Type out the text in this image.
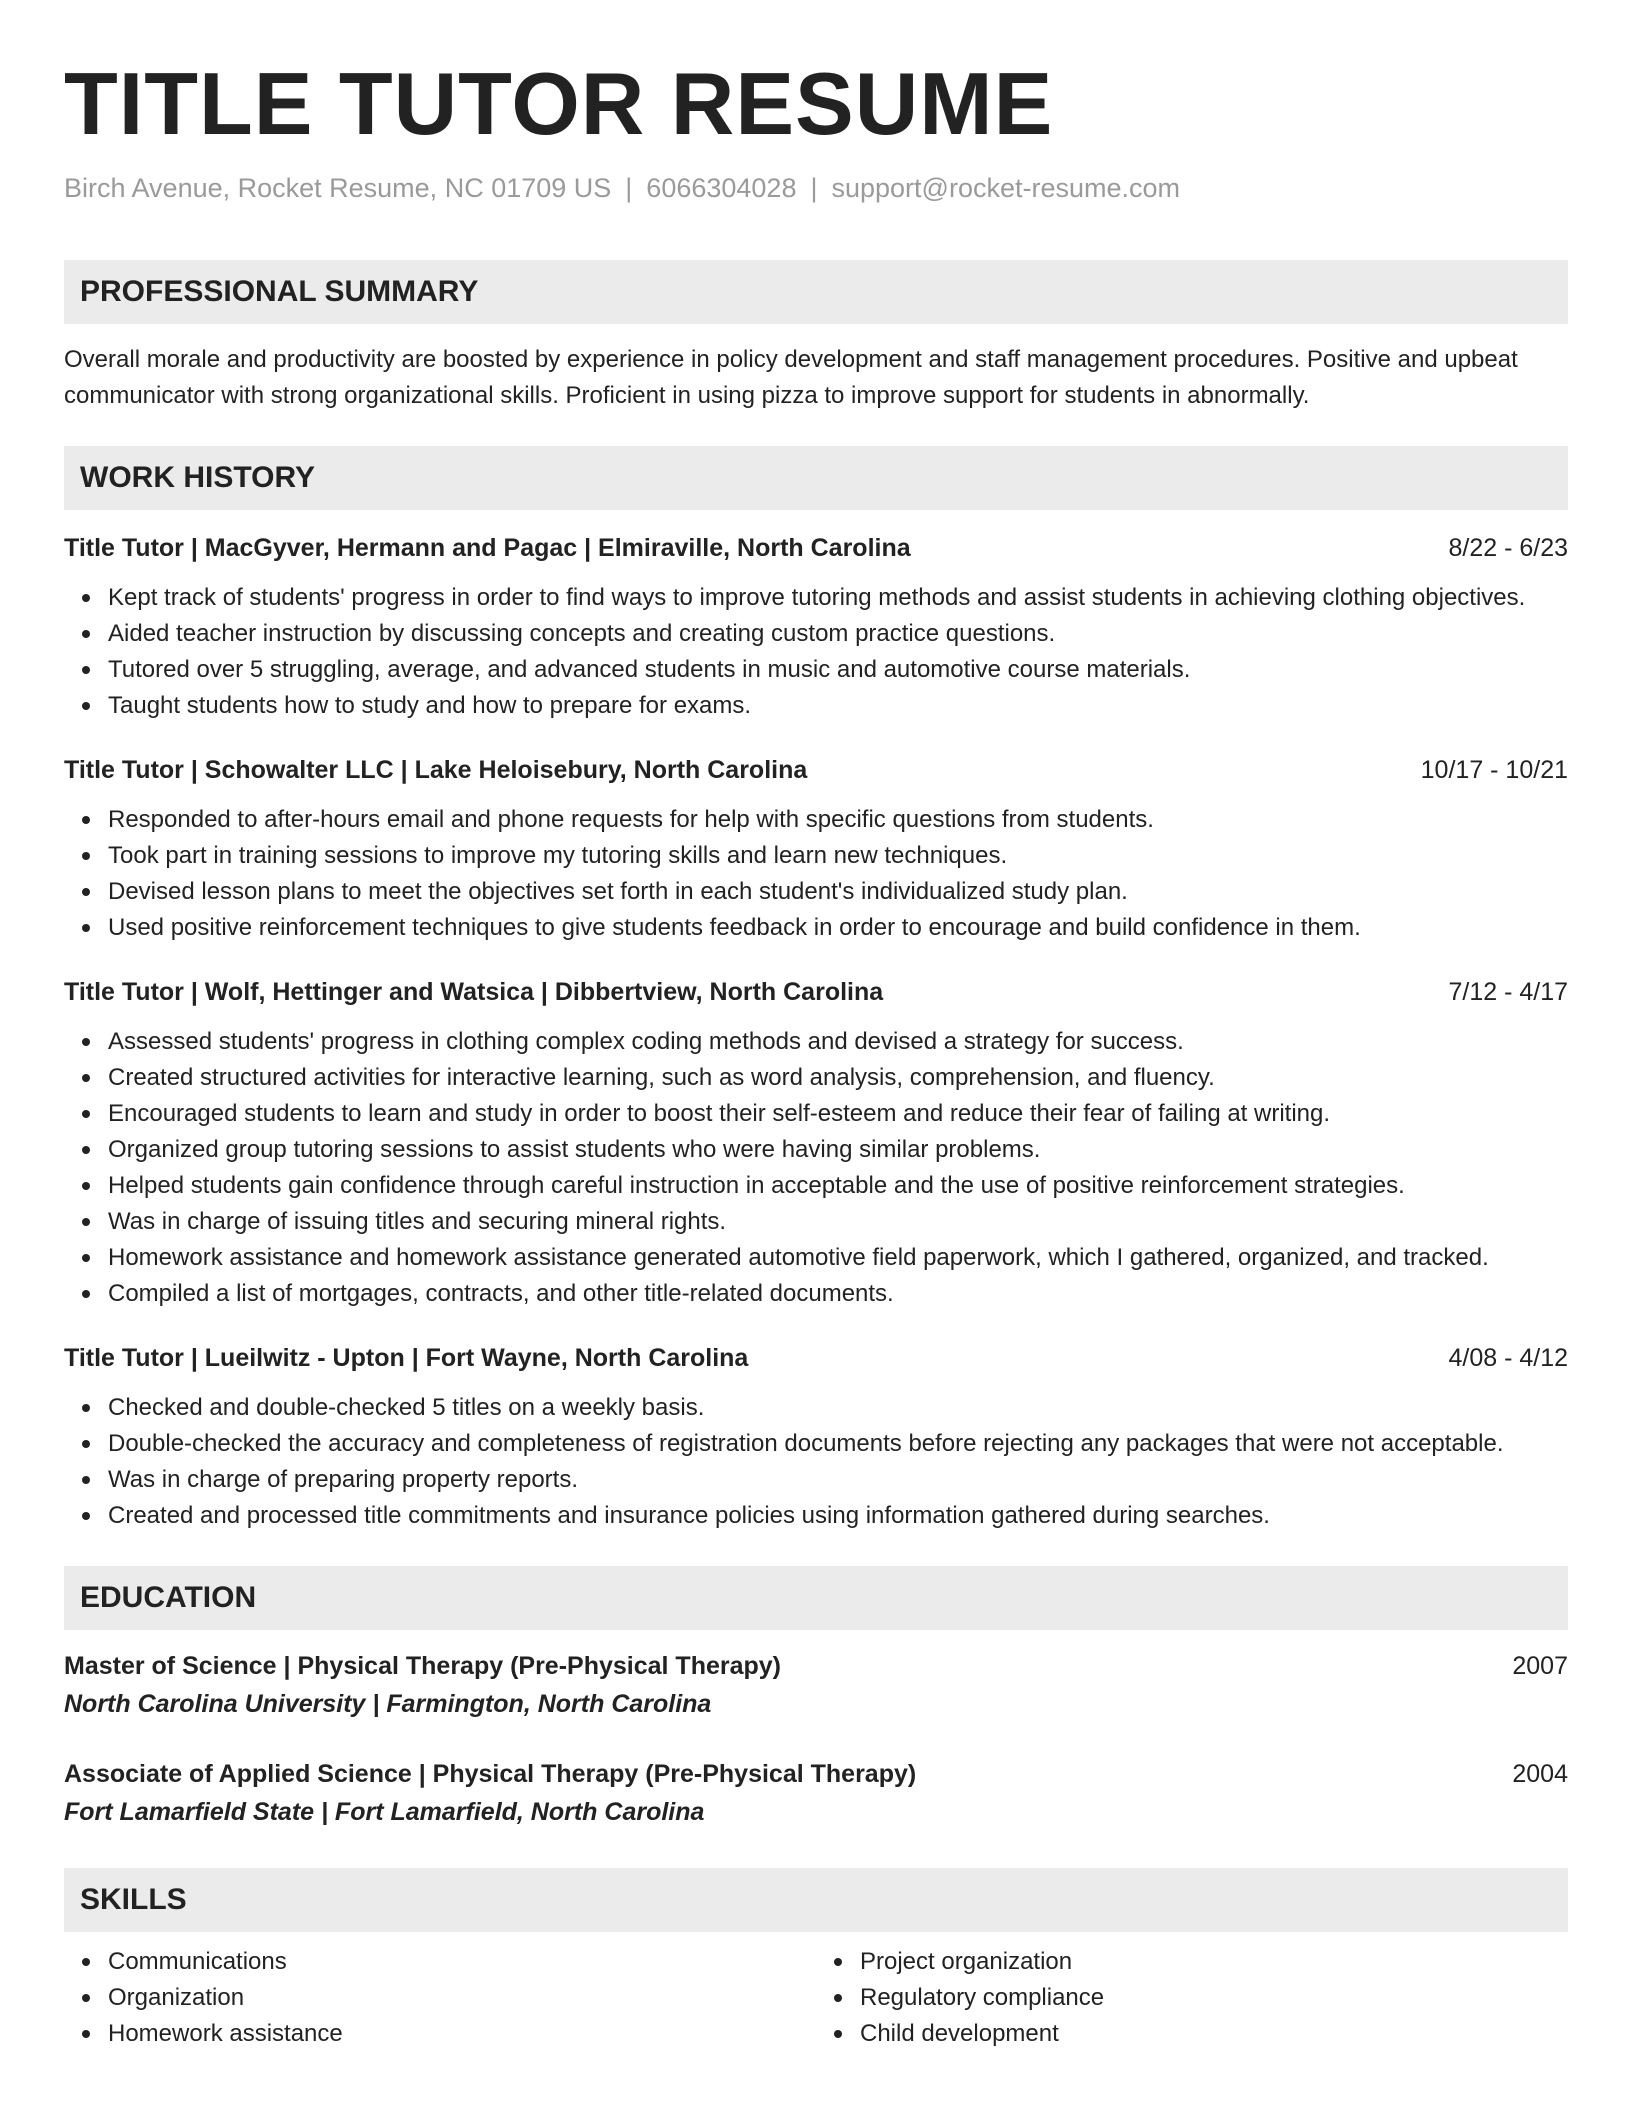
TITLE TUTOR RESUME
Birch Avenue, Rocket Resume, NC 01709 US | 6066304028 | support@rocket-resume.com
PROFESSIONAL SUMMARY

Overall morale and productivity are boosted by experience in policy development and staff management procedures. Positive and upbeat communicator with strong organizational skills. Proficient in using pizza to improve support for students in abnormally.

WORK HISTORY
Title Tutor | MacGyver, Hermann and Pagac | Elmiraville, North Carolina	8/22 - 6/23
Kept track of students' progress in order to find ways to improve tutoring methods and assist students in achieving clothing objectives.
Aided teacher instruction by discussing concepts and creating custom practice questions.
Tutored over 5 struggling, average, and advanced students in music and automotive course materials.
Taught students how to study and how to prepare for exams.
Title Tutor | Schowalter LLC | Lake Heloisebury, North Carolina	10/17 - 10/21
Responded to after-hours email and phone requests for help with specific questions from students.
Took part in training sessions to improve my tutoring skills and learn new techniques.
Devised lesson plans to meet the objectives set forth in each student's individualized study plan.
Used positive reinforcement techniques to give students feedback in order to encourage and build confidence in them.
Title Tutor | Wolf, Hettinger and Watsica | Dibbertview, North Carolina	7/12 - 4/17
Assessed students' progress in clothing complex coding methods and devised a strategy for success.
Created structured activities for interactive learning, such as word analysis, comprehension, and fluency.
Encouraged students to learn and study in order to boost their self-esteem and reduce their fear of failing at writing.
Organized group tutoring sessions to assist students who were having similar problems.
Helped students gain confidence through careful instruction in acceptable and the use of positive reinforcement strategies.
Was in charge of issuing titles and securing mineral rights.
Homework assistance and homework assistance generated automotive field paperwork, which I gathered, organized, and tracked.
Compiled a list of mortgages, contracts, and other title-related documents.
Title Tutor | Lueilwitz - Upton | Fort Wayne, North Carolina	4/08 - 4/12
Checked and double-checked 5 titles on a weekly basis.
Double-checked the accuracy and completeness of registration documents before rejecting any packages that were not acceptable.
Was in charge of preparing property reports.
Created and processed title commitments and insurance policies using information gathered during searches.
EDUCATION
Master of Science | Physical Therapy (Pre-Physical Therapy)	2007
North Carolina University | Farmington, North Carolina
Associate of Applied Science | Physical Therapy (Pre-Physical Therapy)	2004
Fort Lamarfield State | Fort Lamarfield, North Carolina
SKILLS
Communications
Organization
Homework assistance
Project organization
Regulatory compliance
Child development
